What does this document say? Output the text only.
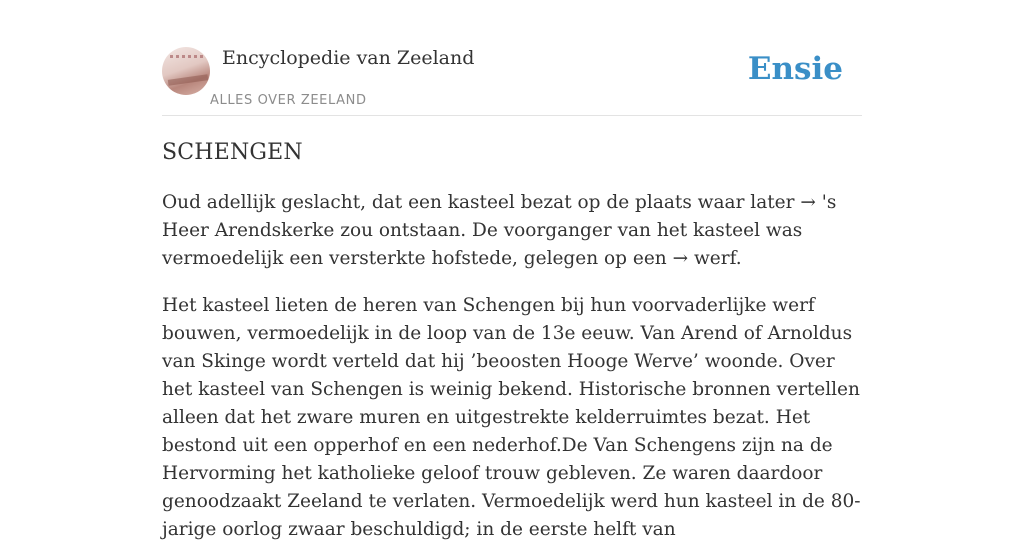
Encyclopedie van Zeeland
ALLES OVER ZEELAND
Ensie
SCHENGEN

Oud adellijk geslacht, dat een kasteel bezat op de plaats waar later → 's Heer Arendskerke zou ontstaan. De voorganger van het kasteel was vermoedelijk een versterkte hofstede, gelegen op een → werf.

Het kasteel lieten de heren van Schengen bij hun voorvaderlijke werf bouwen, vermoedelijk in de loop van de 13e eeuw. Van Arend of Arnoldus van Skinge wordt verteld dat hij ’beoosten Hooge Werve’ woonde. Over het kasteel van Schengen is weinig bekend. Historische bronnen vertellen alleen dat het zware muren en uitgestrekte kelderruimtes bezat. Het bestond uit een opperhof en een nederhof.De Van Schengens zijn na de Hervorming het katholieke geloof trouw gebleven. Ze waren daardoor genoodzaakt Zeeland te verlaten. Vermoedelijk werd hun kasteel in de 80-jarige oorlog zwaar beschuldigd; in de eerste helft van
